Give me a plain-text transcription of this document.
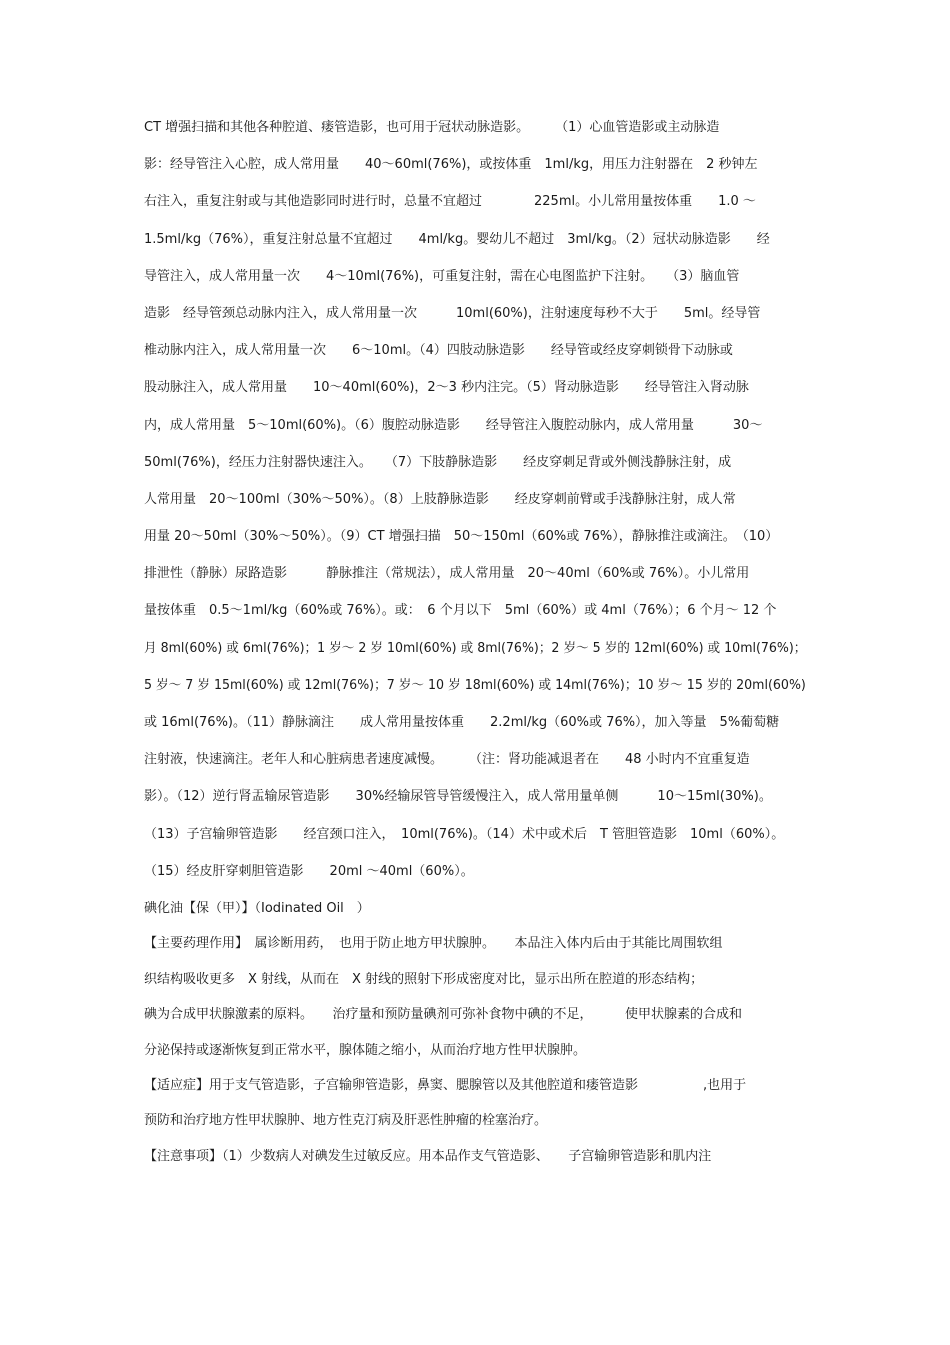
CT 增强扫描和其他各种腔道、瘘管造影，也可用于冠状动脉造影。　　　（1）心血管造影或主动脉造
影：经导管注入心腔，成人常用量　　40～60ml(76%)，或按体重　1ml/kg，用压力注射器在　2 秒钟左
右注入，重复注射或与其他造影同时进行时，总量不宜超过　　　　225ml。小儿常用量按体重　　1.0 ～
1.5ml/kg（76%），重复注射总量不宜超过　　4ml/kg。婴幼儿不超过　3ml/kg。（2）冠状动脉造影　　经
导管注入，成人常用量一次　　4～10ml(76%)，可重复注射，需在心电图监护下注射。　　（3）脑血管
造影　经导管颈总动脉内注入，成人常用量一次　　　10ml(60%)，注射速度每秒不大于　　5ml。经导管
椎动脉内注入，成人常用量一次　　6～10ml。（4）四肢动脉造影　　经导管或经皮穿刺锁骨下动脉或
股动脉注入，成人常用量　　10～40ml(60%)，2～3 秒内注完。（5）肾动脉造影　　经导管注入肾动脉
内，成人常用量　5～10ml(60%)。（6）腹腔动脉造影　　经导管注入腹腔动脉内，成人常用量　　　30～
50ml(76%)，经压力注射器快速注入。　　（7）下肢静脉造影　　经皮穿刺足背或外侧浅静脉注射，成
人常用量　20～100ml（30%～50%）。（8）上肢静脉造影　　经皮穿刺前臂或手浅静脉注射，成人常
用量 20～50ml（30%～50%）。（9）CT 增强扫描　50～150ml（60%或 76%），静脉推注或滴注。　（10）
排泄性（静脉）尿路造影　　　静脉推注（常规法），成人常用量　20～40ml（60%或 76%）。小儿常用
量按体重　0.5～1ml/kg（60%或 76%）。或：　6 个月以下　5ml（60%）或 4ml（76%）；6 个月～ 12 个
月 8ml(60%) 或 6ml(76%)；1 岁～ 2 岁 10ml(60%) 或 8ml(76%)；2 岁～ 5 岁的 12ml(60%) 或 10ml(76%)；
5 岁～ 7 岁 15ml(60%) 或 12ml(76%)；7 岁～ 10 岁 18ml(60%) 或 14ml(76%)；10 岁～ 15 岁的 20ml(60%)
或 16ml(76%)。（11）静脉滴注　　成人常用量按体重　　2.2ml/kg（60%或 76%），加入等量　5%葡萄糖
注射液，快速滴注。老年人和心脏病患者速度减慢。　　　（注：肾功能减退者在　　48 小时内不宜重复造
影）。（12）逆行肾盂输尿管造影　　30%经输尿管导管缓慢注入，成人常用量单侧　　　10～15ml(30%)。
（13）子宫输卵管造影　　经宫颈口注入，　10ml(76%)。（14）术中或术后　T 管胆管造影　10ml（60%）。
（15）经皮肝穿刺胆管造影　　20ml ～40ml（60%）。
碘化油【保（甲）】（Iodinated Oil　）
【主要药理作用】　属诊断用药，　也用于防止地方甲状腺肿。　　本品注入体内后由于其能比周围软组
织结构吸收更多　X 射线，从而在　X 射线的照射下形成密度对比，显示出所在腔道的形态结构；
碘为合成甲状腺激素的原料。　　治疗量和预防量碘剂可弥补食物中碘的不足，　　　使甲状腺素的合成和
分泌保持或逐渐恢复到正常水平，腺体随之缩小，从而治疗地方性甲状腺肿。
【适应症】用于支气管造影，子宫输卵管造影，鼻窦、腮腺管以及其他腔道和瘘管造影　　　　　,也用于
预防和治疗地方性甲状腺肿、地方性克汀病及肝恶性肿瘤的栓塞治疗。
【注意事项】（1）少数病人对碘发生过敏反应。用本品作支气管造影、　　子宫输卵管造影和肌内注
